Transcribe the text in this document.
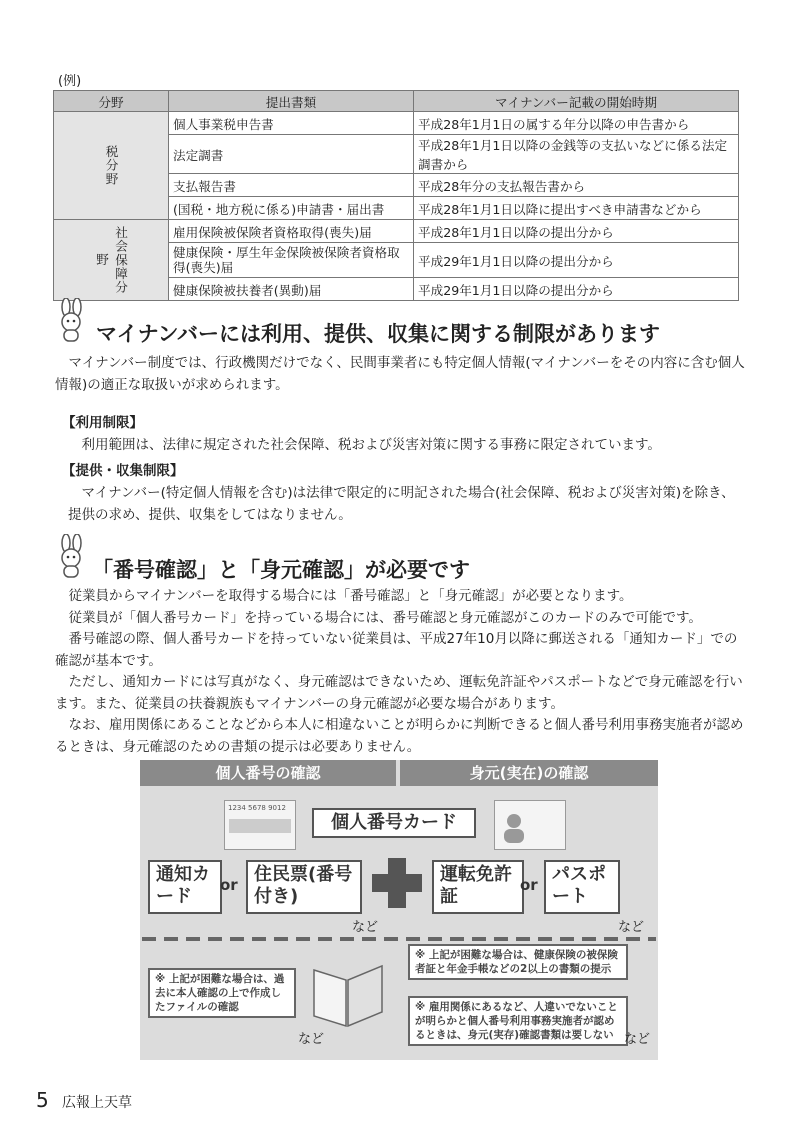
(例)
分野	提出書類	マイナンバー記載の開始時期
税分野	個人事業税申告書	平成28年1月1日の属する年分以降の申告書から
	法定調書	平成28年1月1日以降の金銭等の支払いなどに係る法定調書から
	支払報告書	平成28年分の支払報告書から
	(国税・地方税に係る)申請書・届出書	平成28年1月1日以降に提出すべき申請書などから
社会保障分野	雇用保険被保険者資格取得(喪失)届	平成28年1月1日以降の提出分から
	健康保険・厚生年金保険被保険者資格取得(喪失)届	平成29年1月1日以降の提出分から
	健康保険被扶養者(異動)届	平成29年1月1日以降の提出分から
マイナンバーには利用、提供、収集に関する制限があります

マイナンバー制度では、行政機関だけでなく、民間事業者にも特定個人情報(マイナンバーをその内容に含む個人情報)の適正な取扱いが求められます。

【利用制限】

利用範囲は、法律に規定された社会保障、税および災害対策に関する事務に限定されています。

【提供・収集制限】

マイナンバー(特定個人情報を含む)は法律で限定的に明記された場合(社会保障、税および災害対策)を除き、提供の求め、提供、収集をしてはなりません。

「番号確認」と「身元確認」が必要です

従業員からマイナンバーを取得する場合には「番号確認」と「身元確認」が必要となります。

従業員が「個人番号カード」を持っている場合には、番号確認と身元確認がこのカードのみで可能です。

番号確認の際、個人番号カードを持っていない従業員は、平成27年10月以降に郵送される「通知カード」での確認が基本です。

ただし、通知カードには写真がなく、身元確認はできないため、運転免許証やパスポートなどで身元確認を行います。また、従業員の扶養親族もマイナンバーの身元確認が必要な場合があります。

なお、雇用関係にあることなどから本人に相違ないことが明らかに判断できると個人番号利用事務実施者が認めるときは、身元確認のための書類の提示は必要ありません。

個人番号の確認	身元(実在)の確認
1234 5678 9012
個人番号カード
通知カード
or 住民票(番号付き)
など
運転免許証
or パスポート
など
※ 上記が困難な場合は、過去に本人確認の上で作成したファイルの確認
など
※ 上記が困難な場合は、健康保険の被保険者証と年金手帳などの2以上の書類の提示
※ 雇用関係にあるなど、人違いでないことが明らかと個人番号利用事務実施者が認めるときは、身元(実存)確認書類は要しない など
5 広報上天草
